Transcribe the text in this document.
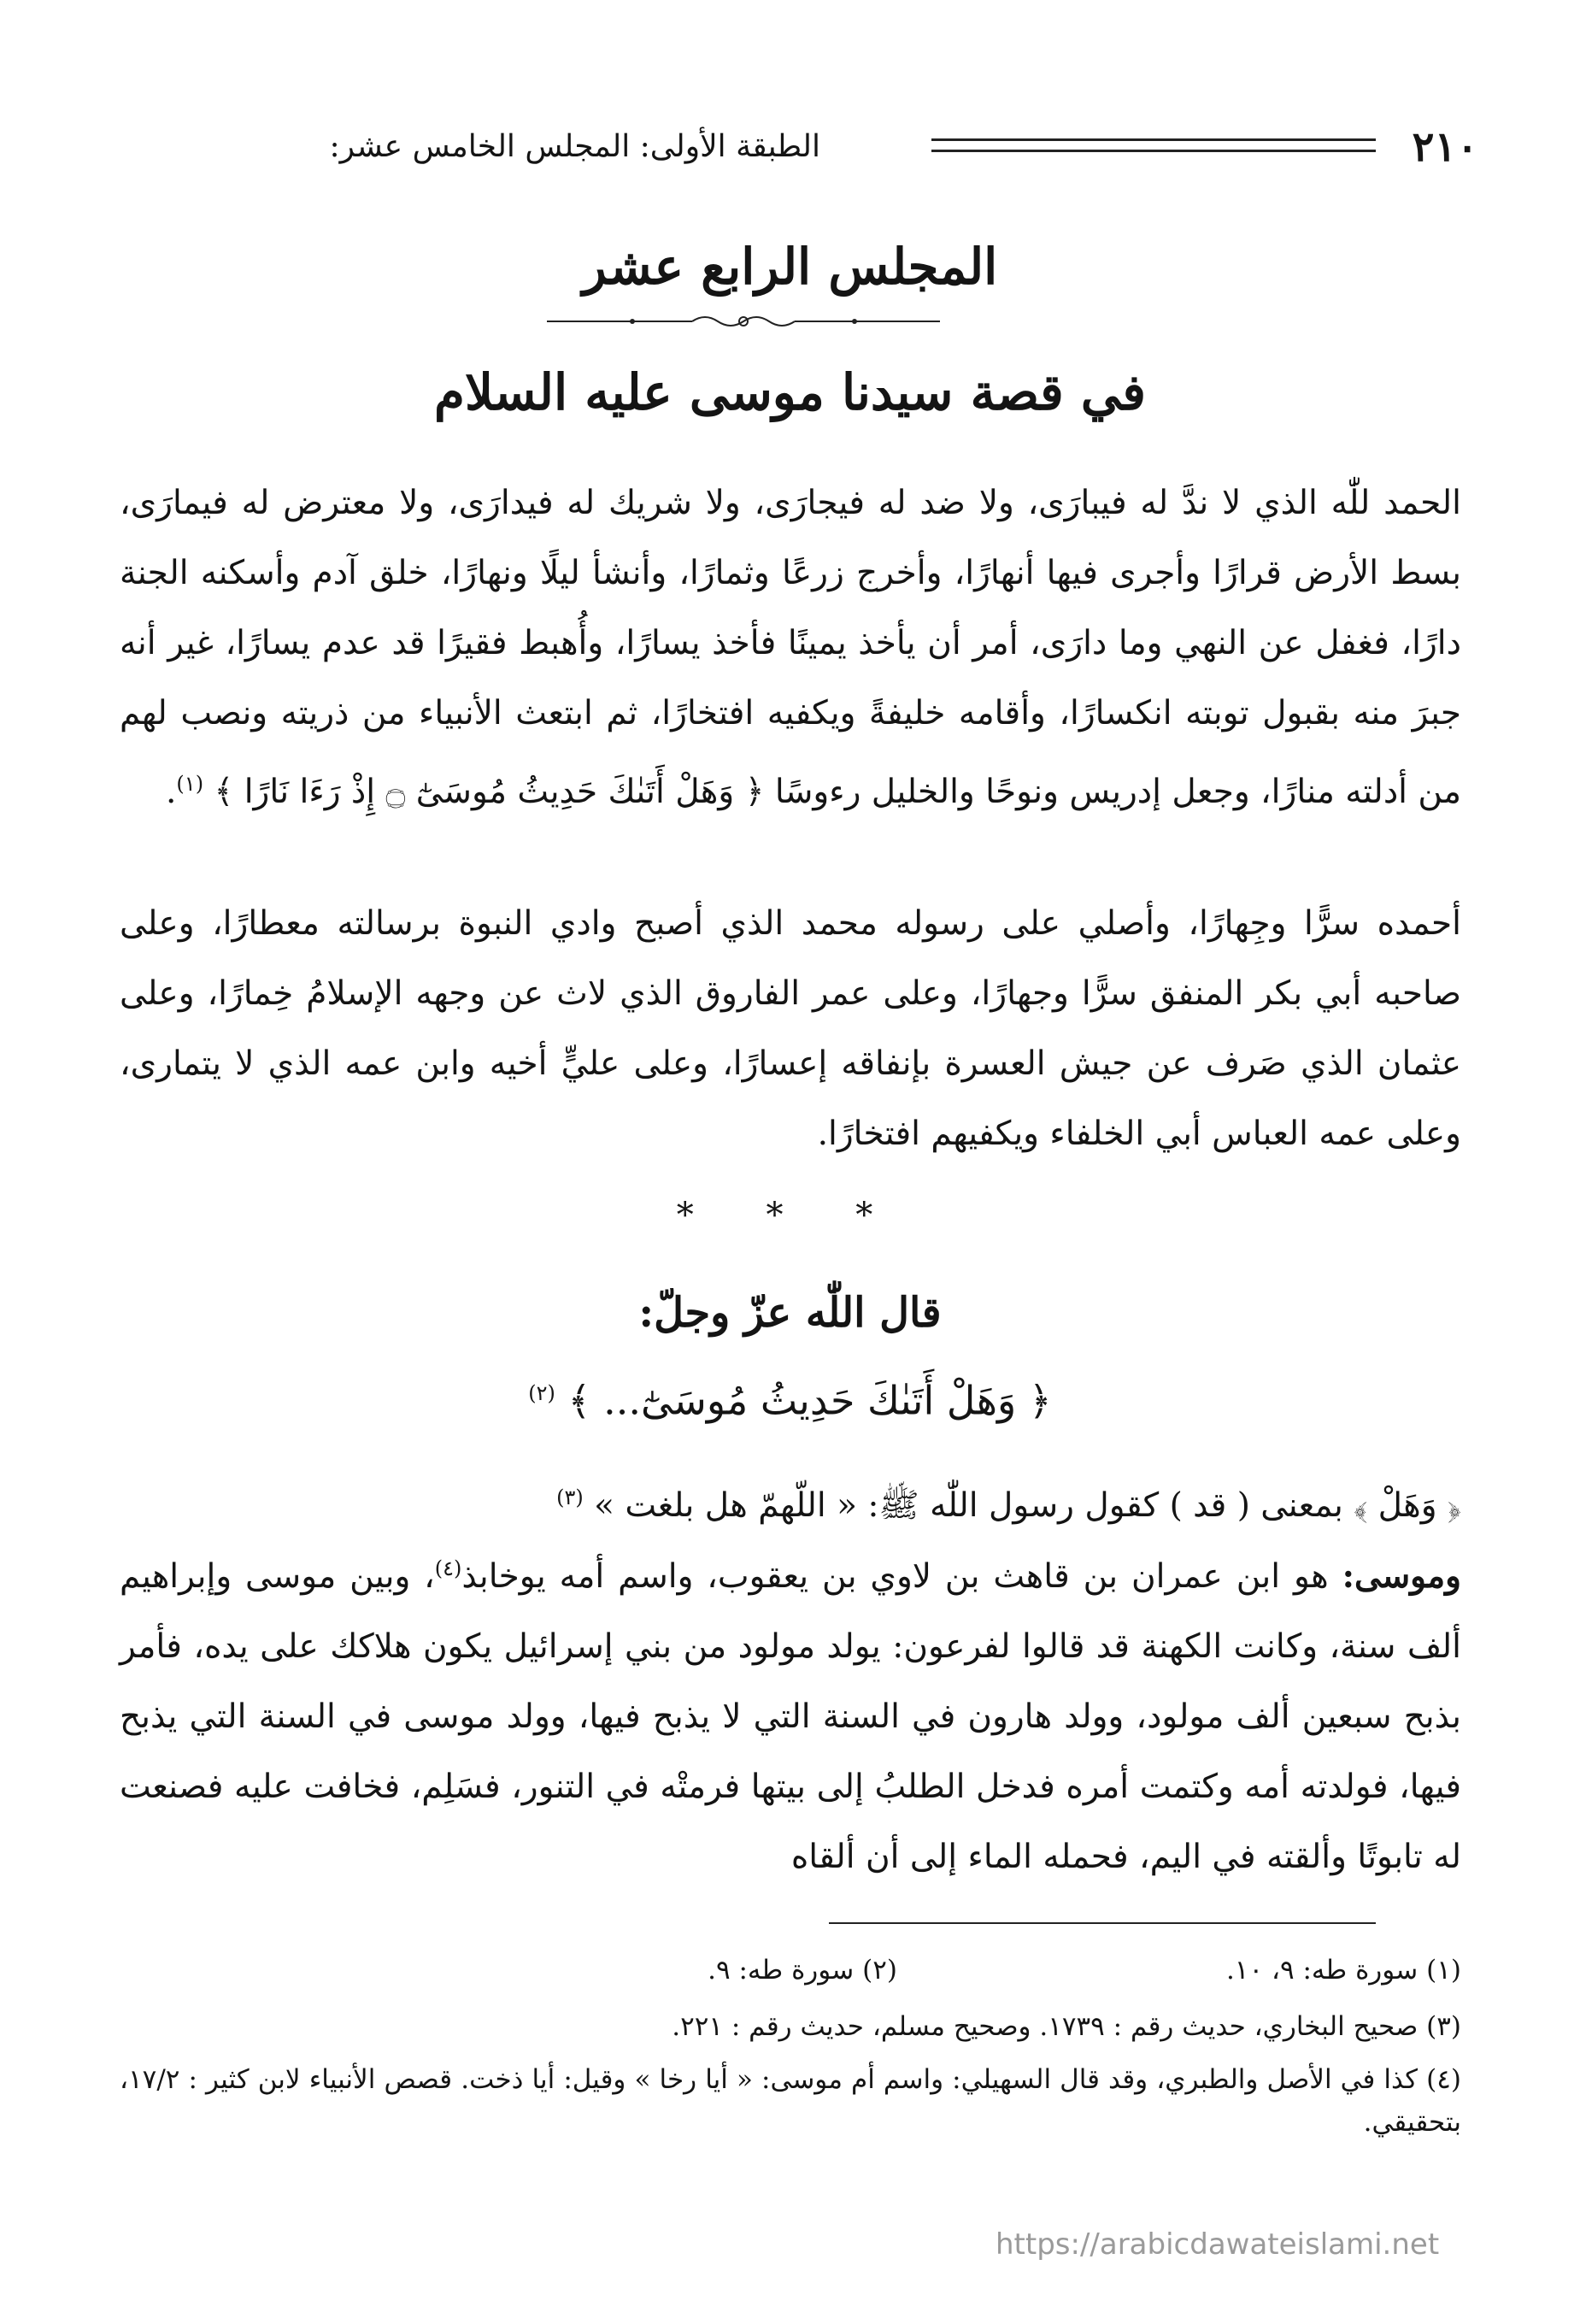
٢١٠
الطبقة الأولى: المجلس الخامس عشر:
المجلس الرابع عشر
في قصة سيدنا موسى عليه السلام
الحمد للّٰه الذي لا ندَّ له فيبارَى، ولا ضد له فيجارَى، ولا شريك له فيدارَى، ولا معترض له فيمارَى، بسط الأرض قرارًا وأجرى فيها أنهارًا، وأخرج زرعًا وثمارًا، وأنشأ ليلًا ونهارًا، خلق آدم وأسكنه الجنة دارًا، فغفل عن النهي وما دارَى، أمر أن يأخذ يمينًا فأخذ يسارًا، وأُهبط فقيرًا قد عدم يسارًا، غير أنه جبرَ منه بقبول توبته انكسارًا، وأقامه خليفةً ويكفيه افتخارًا، ثم ابتعث الأنبياء من ذريته ونصب لهم من أدلته منارًا، وجعل إدريس ونوحًا والخليل رءوسًا ﴿ وَهَلْ أَتَىٰكَ حَدِيثُ مُوسَىٰٓ ۝ إِذْ رَءَا نَارًا ﴾ $^{(١)}$.
أحمده سرًّا وجِهارًا، وأصلي على رسوله محمد الذي أصبح وادي النبوة برسالته معطارًا، وعلى صاحبه أبي بكر المنفق سرًّا وجهارًا، وعلى عمر الفاروق الذي لاث عن وجهه الإسلامُ خِمارًا، وعلى عثمان الذي صَرف عن جيش العسرة بإنفاقه إعسارًا، وعلى عليٍّ أخيه وابن عمه الذي لا يتمارى، وعلى عمه العباس أبي الخلفاء ويكفيهم افتخارًا.
* * *
قال اللّٰه عزّ وجلّ:
﴿ وَهَلْ أَتَىٰكَ حَدِيثُ مُوسَىٰٓ... ﴾ $^{(٢)}$
﴿ وَهَلْ ﴾ بمعنى ( قد ) كقول رسول اللّٰه ﷺ: « اللّهمّ هل بلغت » $^{(٣)}$
وموسى: هو ابن عمران بن قاهث بن لاوي بن يعقوب، واسم أمه يوخابذ$^{(٤)}$، وبين موسى وإبراهيم ألف سنة، وكانت الكهنة قد قالوا لفرعون: يولد مولود من بني إسرائيل يكون هلاكك على يده، فأمر بذبح سبعين ألف مولود، وولد هارون في السنة التي لا يذبح فيها، وولد موسى في السنة التي يذبح فيها، فولدته أمه وكتمت أمره فدخل الطلبُ إلى بيتها فرمتْه في التنور، فسَلِم، فخافت عليه فصنعت له تابوتًا وألقته في اليم، فحمله الماء إلى أن ألقاه
(١) سورة طه: ٩، ١٠.
(٢) سورة طه: ٩.
(٣) صحيح البخاري، حديث رقم : ١٧٣٩. وصحيح مسلم، حديث رقم : ٢٢١.
(٤) كذا في الأصل والطبري، وقد قال السهيلي: واسم أم موسى: « أيا رخا » وقيل: أيا ذخت. قصص الأنبياء لابن كثير : ١٧/٢، بتحقيقي.
https://arabicdawateislami.net
